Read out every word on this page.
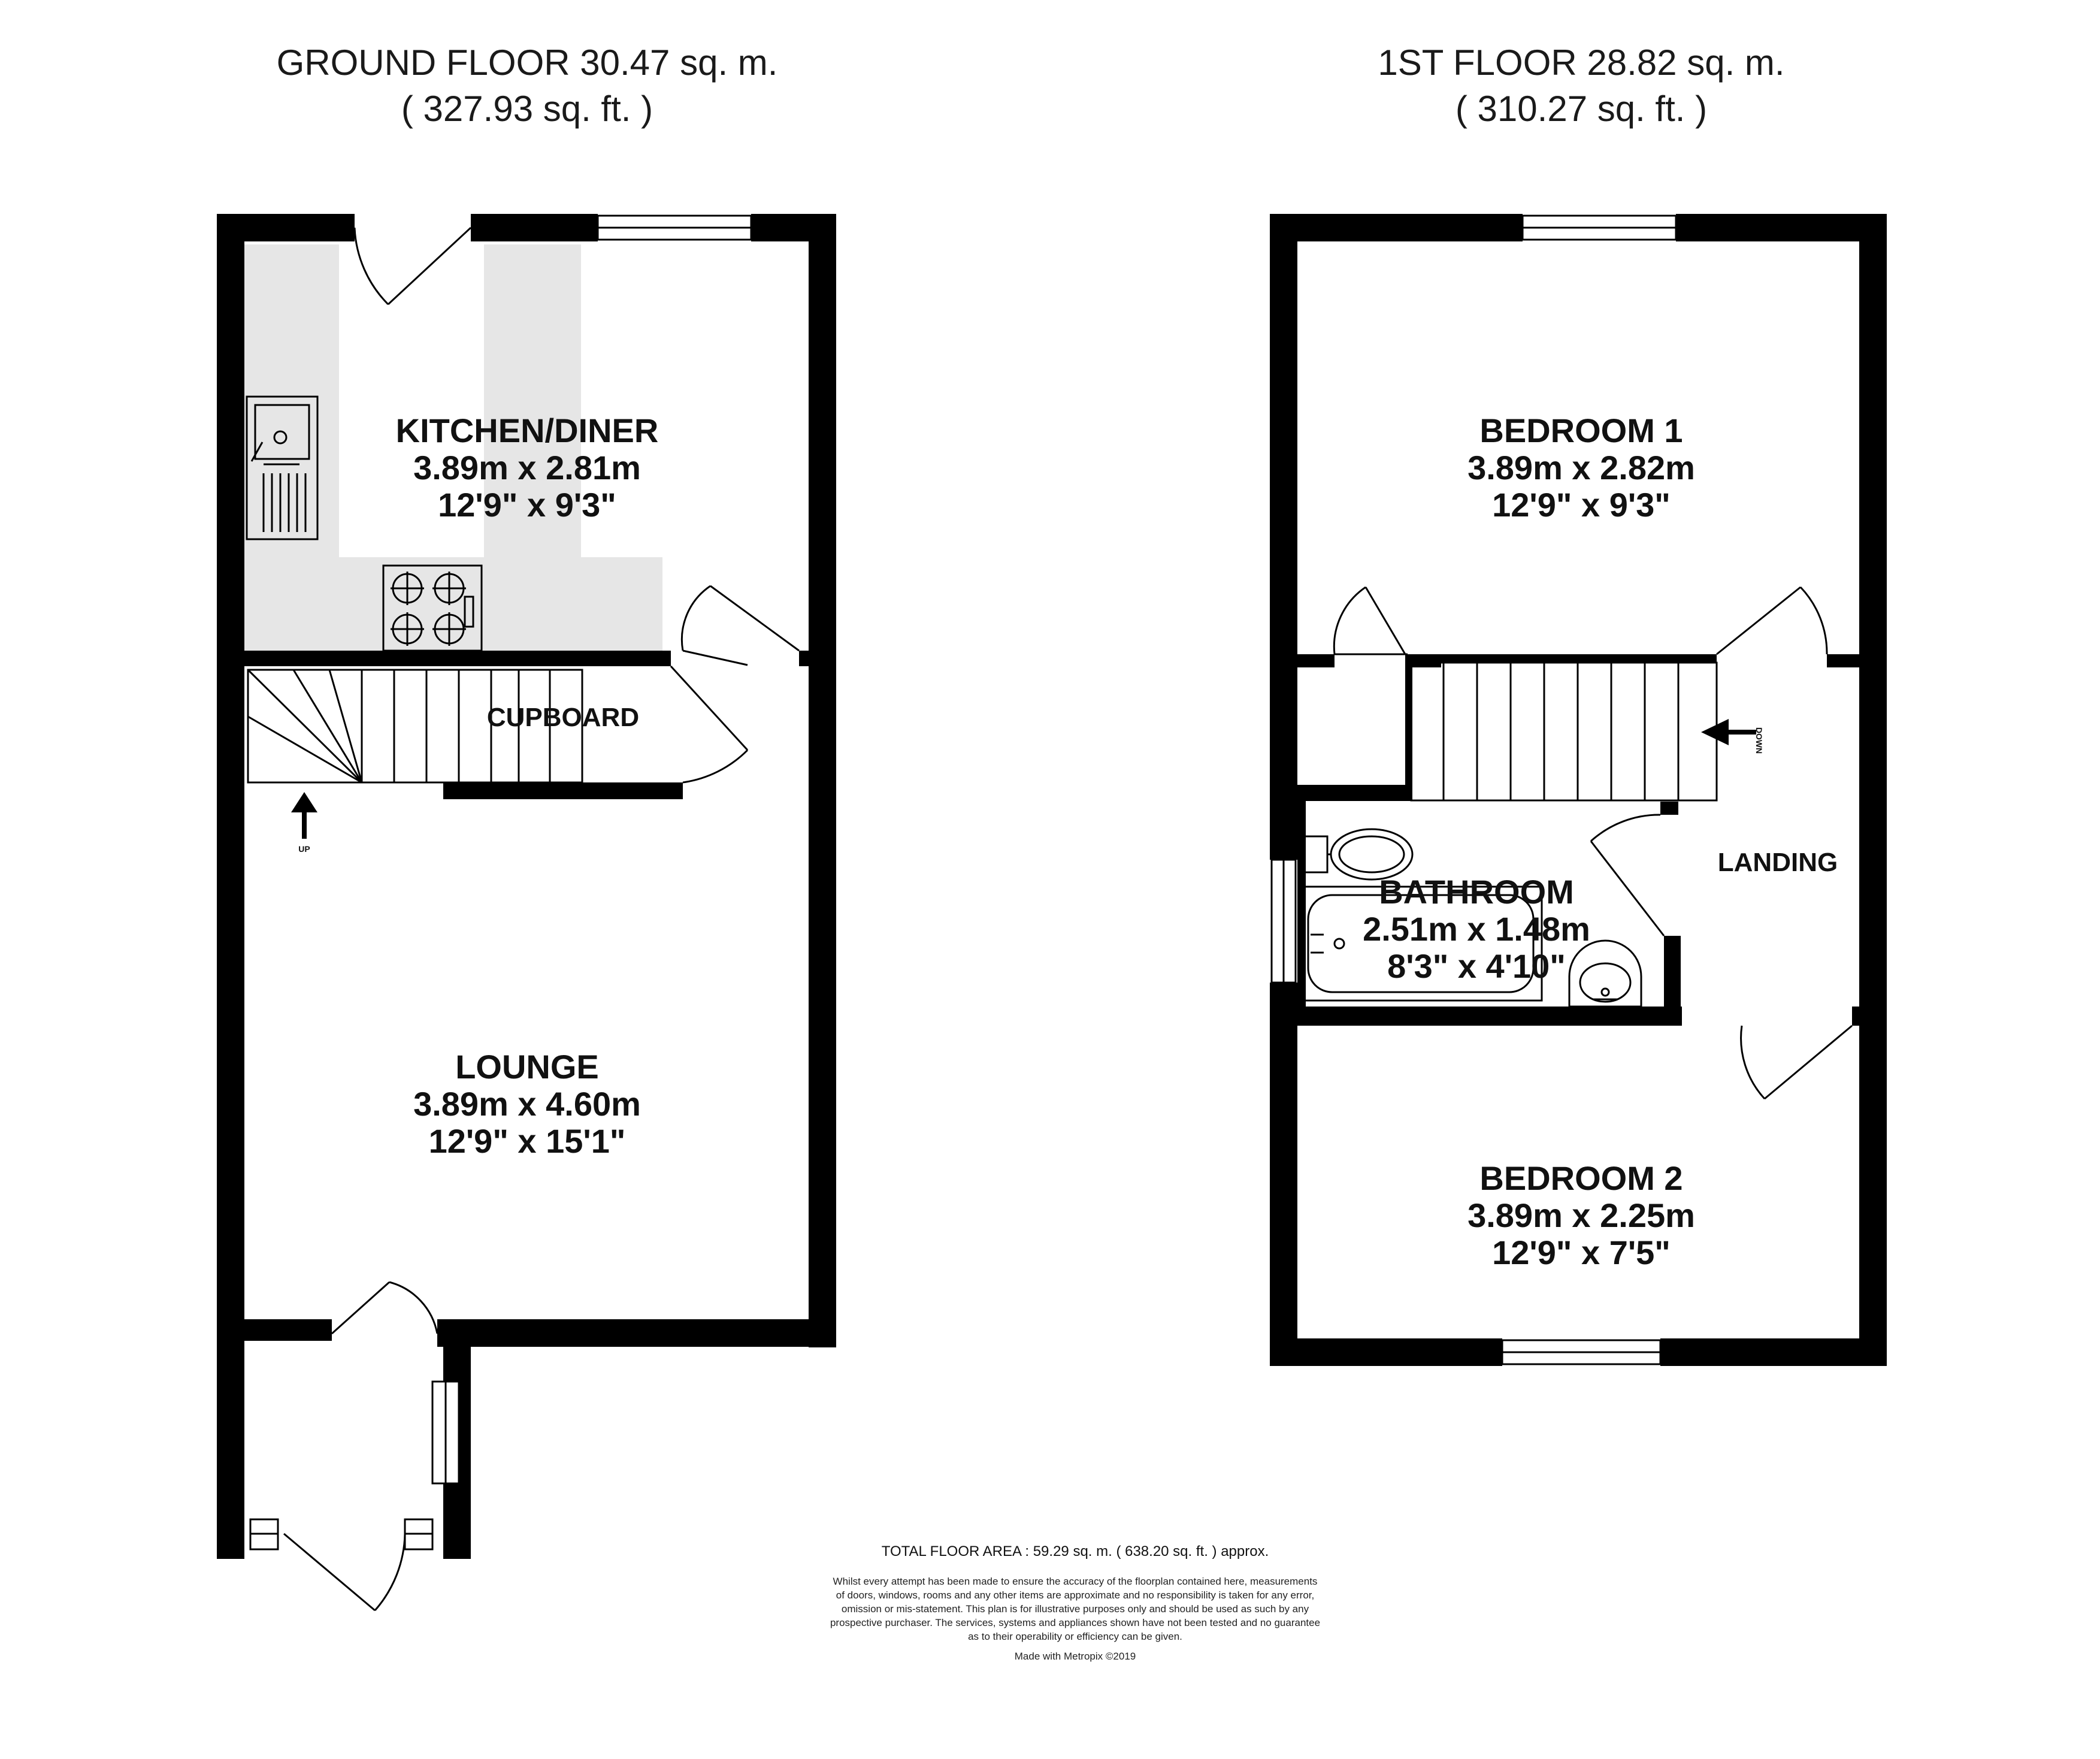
GROUND FLOOR 30.47 sq. m.
( 327.93 sq. ft. )
1ST FLOOR 28.82 sq. m.
( 310.27 sq. ft. )
UP
KITCHEN/DINER
3.89m x 2.81m
12'9" x 9'3"
CUPBOARD
LOUNGE
3.89m x 4.60m
12'9" x 15'1"
DOWN
BEDROOM 1
3.89m x 2.82m
12'9" x 9'3"
BATHROOM
2.51m x 1.48m
8'3" x 4'10"
LANDING
BEDROOM 2
3.89m x 2.25m
12'9" x 7'5"
TOTAL FLOOR AREA : 59.29 sq. m. ( 638.20 sq. ft. ) approx.
Whilst every attempt has been made to ensure the accuracy of the floorplan contained here, measurements
of doors, windows, rooms and any other items are approximate and no responsibility is taken for any error,
omission or mis-statement. This plan is for illustrative purposes only and should be used as such by any
prospective purchaser. The services, systems and appliances shown have not been tested and no guarantee
as to their operability or efficiency can be given.
Made with Metropix ©2019
